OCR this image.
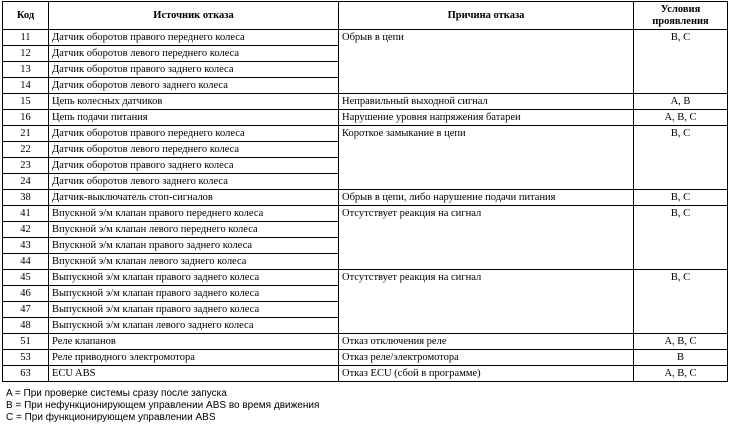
Код	Источник отказа	Причина отказа	Условия проявления
11	Датчик оборотов правого переднего колеса	Обрыв в цепи	B, C
12	Датчик оборотов левого переднего колеса		
13	Датчик оборотов правого заднего колеса		
14	Датчик оборотов левого заднего колеса		
15	Цепь колесных датчиков	Неправильный выходной сигнал	A, B
16	Цепь подачи питания	Нарушение уровня напряжения батареи	A, B, C
21	Датчик оборотов правого переднего колеса	Короткое замыкание в цепи	B, C
22	Датчик оборотов левого переднего колеса		
23	Датчик оборотов правого заднего колеса		
24	Датчик оборотов левого заднего колеса		
38	Датчик-выключатель стоп-сигналов	Обрыв в цепи, либо нарушение подачи питания	B, C
41	Впускной э/м клапан правого переднего колеса	Отсутствует реакция на сигнал	B, C
42	Впускной э/м клапан левого переднего колеса		
43	Впускной э/м клапан правого заднего колеса		
44	Впускной э/м клапан левого заднего колеса		
45	Выпускной э/м клапан правого заднего колеса	Отсутствует реакция на сигнал	B, C
46	Выпускной э/м клапан правого заднего колеса		
47	Выпускной э/м клапан правого заднего колеса		
48	Выпускной э/м клапан левого заднего колеса		
51	Реле клапанов	Отказ отключения реле	A, B, C
53	Реле приводного электромотора	Отказ реле/электромотора	B
63	ECU ABS	Отказ ECU (сбой в программе)	A, B, C
A = При проверке системы сразу после запуска
B = При нефункционирующем управлении ABS во время движения
C = При функционирующем управлении ABS
